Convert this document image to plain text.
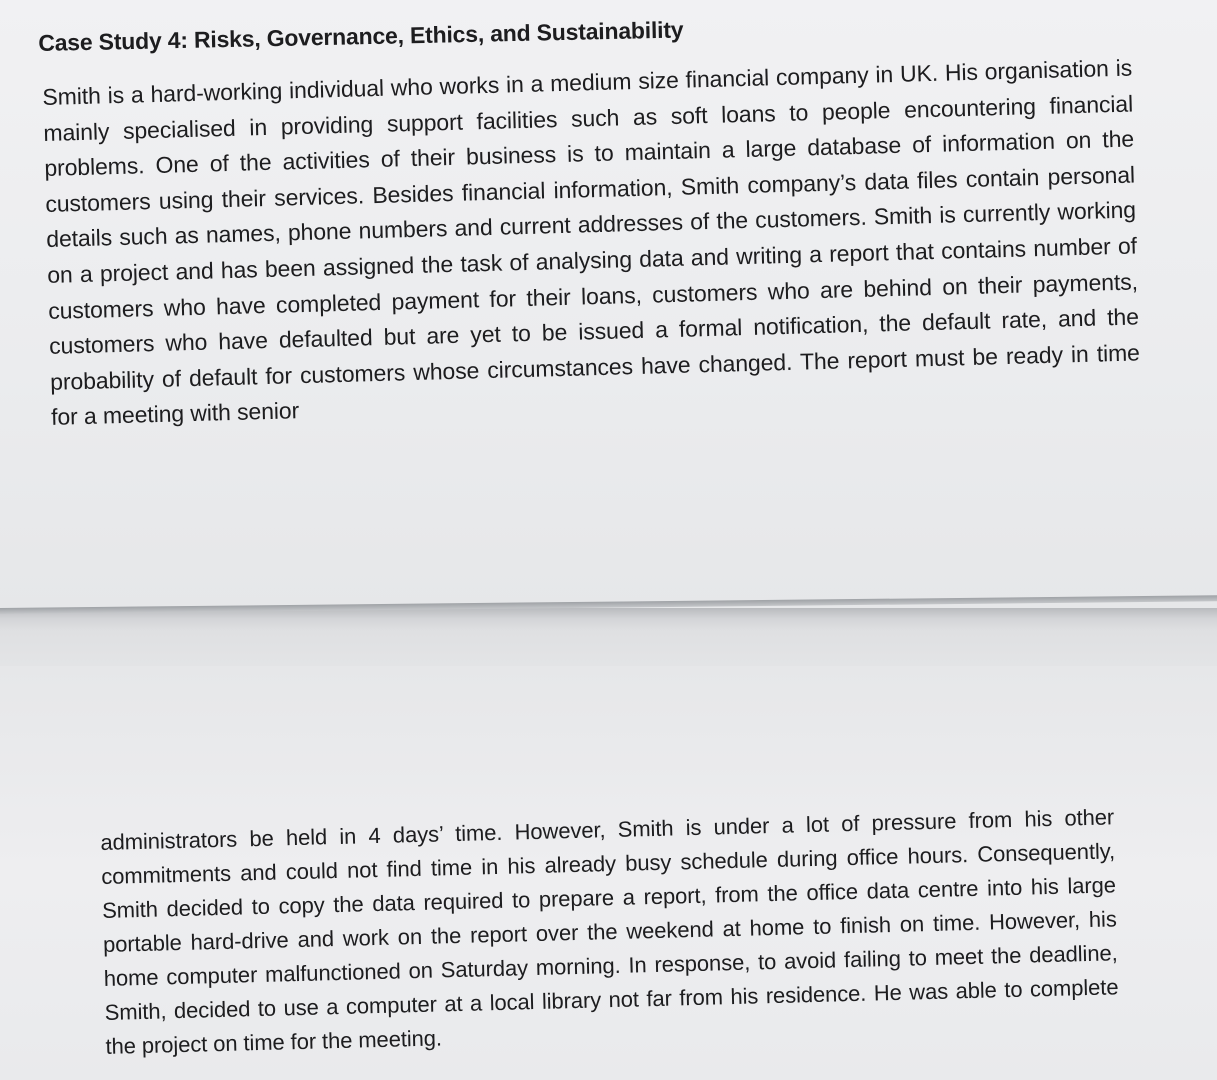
Case Study 4: Risks, Governance, Ethics, and Sustainability
Smith is a hard-working individual who works in a medium size financial company in UK. His organisation is mainly specialised in providing support facilities such as soft loans to people encountering financial problems. One of the activities of their business is to maintain a large database of information on the customers using their services. Besides financial information, Smith company’s data files contain personal details such as names, phone numbers and current addresses of the customers. Smith is currently working on a project and has been assigned the task of analysing data and writing a report that contains number of customers who have completed payment for their loans, customers who are behind on their payments, customers who have defaulted but are yet to be issued a formal notification, the default rate, and the probability of default for customers whose circumstances have changed. The report must be ready in time for a meeting with senior
administrators be held in 4 days’ time. However, Smith is under a lot of pressure from his other commitments and could not find time in his already busy schedule during office hours. Consequently, Smith decided to copy the data required to prepare a report, from the office data centre into his large portable hard-drive and work on the report over the weekend at home to finish on time. However, his home computer malfunctioned on Saturday morning. In response, to avoid failing to meet the deadline, Smith, decided to use a computer at a local library not far from his residence. He was able to complete the project on time for the meeting.
